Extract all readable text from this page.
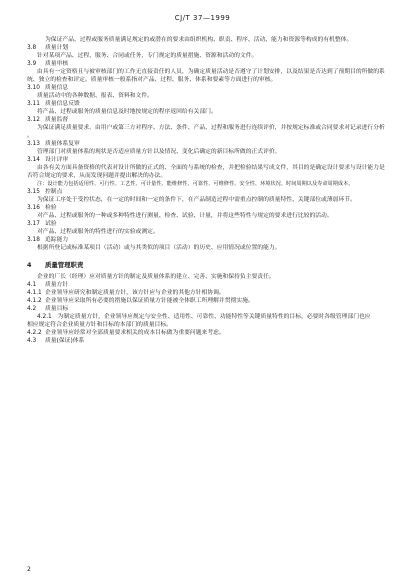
CJ/T 37—1999
为保证产品、过程或服务质量满足规定的或潜在的要求由组织机构、职责、程序、活动、能力和资源等构成的有机整体。
3.8	质量计划
针对某项产品、过程、服务、合同或任务，专门规定的质量措施、资源和活动的文件。
3.9	质量审核
由具有一定资格且与被审核部门的工作无直接责任的人员，为确定质量活动是否遵守了计划安排，以及结果是否达到了预期目的所做的系
统、独立的检查和评定。质量审核一般系指对产品、过程、服务、体系和要素等方面进行的审核。
3.10 质量信息
质量活动中的各种数据、报表、资料和文件。
3.11 质量信息反馈
将产品、过程或服务的质量信息及时地按规定的程序返回给有关部门。
3.12 质量监督
为保证满足质量要求，由用户或第三方对程序、方法、条件、产品、过程和服务进行连续评价，并按规定标准或合同要求对记录进行分析
。
3.13 质量体系复审
管理部门对质量体系的现状是否适应质量方针以及情况、变化后确定的新目标所做的正式评价。
3.14 设计评审
由各有关方面具备资格的代表对设计所做的正式的、全面的与系统的检查，并把检验结果写成文件，其目的是确定设计要求与设计能力是
否符合规定的要求，从而发现问题并提出解决的办法。
注：设计能力包括适用性、可行性、工艺性、可计量性、能维修性、可靠性、可维修性、安全性、环境状况、时间周期以及寿命周期成本。
3.15 控制点
为保证工序处于受控状态，在一定的时间和一定的条件下，在产品制造过程中需重点控制的质量特性、关键部位或薄弱环节。
3.16 检验
对产品、过程或服务的一种或多种特性进行测量、检查、试验、计量，并将这些特性与规定的要求进行比较的活动。
3.17 试验
对产品、过程或服务的特性进行的实验或测定。
3.18 追踪能力
根据所登记或标准某项目（活动）或与其类似的项目（活动）的历史、应用情况或位置的能力。
4	质量管理职责
企业的厂长（经理）应对质量方针的制定及质量体系的建立、完善、实施和保持负主要责任。
4.1	质量方针
4.1.1 企业领导应研究和制定质量方针，该方针应与企业的其他方针相协调。
4.1.2 企业领导应采取所有必要的措施以保证质量方针能被全体职工所理解并贯彻实施。
4.2	质量目标
4.2.1　为制定质量方针，企业领导应规定与安全性、适用性、可靠性、功能特性等关键质量特性的目标，必要时各级管理部门也应
相应规定符合企业质量方针和目标的本部门的质量目标。
4.2.2 企业领导应经常对全部质量要求相关的成本目标做为重要问题来考虑。
4.3	质量(保证)体系
2
